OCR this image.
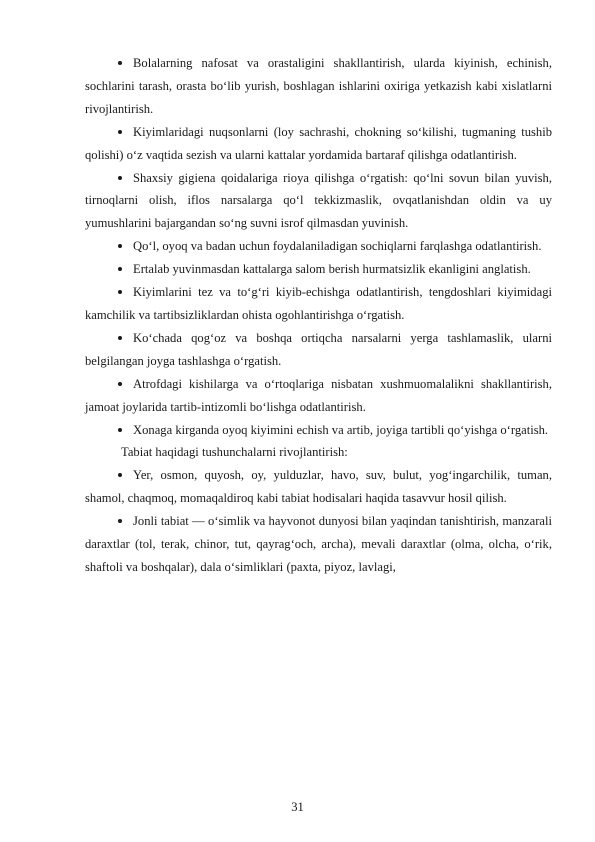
Bolalarning nafosat va orastaligini shakllantirish, ularda kiyinish, echinish, sochlarini tarash, orasta bo‘lib yurish, boshlagan ishlarini oxiriga yetkazish kabi xislatlarni rivojlantirish.

Kiyimlaridagi nuqsonlarni (loy sachrashi, chokning so‘kilishi, tugmaning tushib qolishi) o‘z vaqtida sezish va ularni kattalar yordamida bartaraf qilishga odatlantirish.

Shaxsiy gigiena qoidalariga rioya qilishga o‘rgatish: qo‘lni sovun bilan yuvish, tirnoqlarni olish, iflos narsalarga qo‘l tekkizmaslik, ovqatlanishdan oldin va uy yumushlarini bajargandan so‘ng suvni isrof qilmasdan yuvinish.

Qo‘l, oyoq va badan uchun foydalaniladigan sochiqlarni farqlashga odatlantirish.

Ertalab yuvinmasdan kattalarga salom berish hurmatsizlik ekanligini anglatish.

Kiyimlarini tez va to‘g‘ri kiyib-echishga odatlantirish, tengdoshlari kiyimidagi kamchilik va tartibsizliklardan ohista ogohlantirishga o‘rgatish.

Ko‘chada qog‘oz va boshqa ortiqcha narsalarni yerga tashlamaslik, ularni belgilangan joyga tashlashga o‘rgatish.

Atrofdagi kishilarga va o‘rtoqlariga nisbatan xushmuomalalikni shakllantirish, jamoat joylarida tartib-intizomli bo‘lishga odatlantirish.

Xonaga kirganda oyoq kiyimini echish va artib, joyiga tartibli qo‘yishga o‘rgatish.

Tabiat haqidagi tushunchalarni rivojlantirish:

Yer, osmon, quyosh, oy, yulduzlar, havo, suv, bulut, yog‘ingarchilik, tuman, shamol, chaqmoq, momaqaldiroq kabi tabiat hodisalari haqida tasavvur hosil qilish.

Jonli tabiat — o‘simlik va hayvonot dunyosi bilan yaqindan tanishtirish, manzarali daraxtlar (tol, terak, chinor, tut, qayrag‘och, archa), mevali daraxtlar (olma, olcha, o‘rik, shaftoli va boshqalar), dala o‘simliklari (paxta, piyoz, lavlagi,

31
